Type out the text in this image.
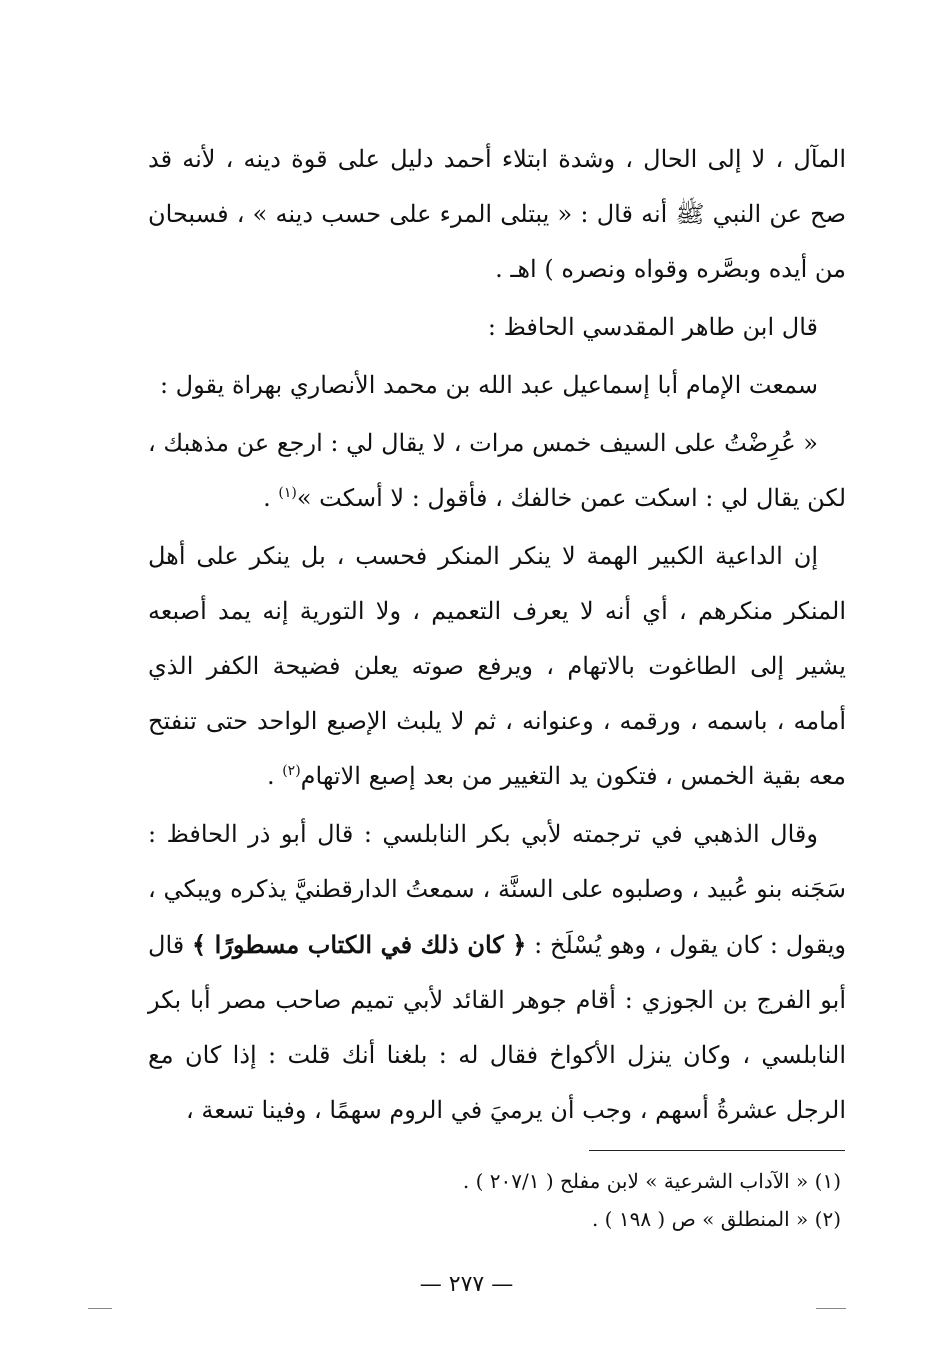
المآل ، لا إلى الحال ، وشدة ابتلاء أحمد دليل على قوة دينه ، لأنه قد صح عن النبي ﷺ أنه قال : « يبتلى المرء على حسب دينه » ، فسبحان من أيده وبصَّره وقواه ونصره ) اهـ .

قال ابن طاهر المقدسي الحافظ :

سمعت الإمام أبا إسماعيل عبد الله بن محمد الأنصاري بهراة يقول :

« عُرِضْتُ على السيف خمس مرات ، لا يقال لي : ارجع عن مذهبك ، لكن يقال لي : اسكت عمن خالفك ، فأقول : لا أسكت »$^{(١)}$ .

إن الداعية الكبير الهمة لا ينكر المنكر فحسب ، بل ينكر على أهل المنكر منكرهم ، أي أنه لا يعرف التعميم ، ولا التورية إنه يمد أصبعه يشير إلى الطاغوت بالاتهام ، ويرفع صوته يعلن فضيحة الكفر الذي أمامه ، باسمه ، ورقمه ، وعنوانه ، ثم لا يلبث الإصبع الواحد حتى تنفتح معه بقية الخمس ، فتكون يد التغيير من بعد إصبع الاتهام$^{(٢)}$ .

وقال الذهبي في ترجمته لأبي بكر النابلسي : قال أبو ذر الحافظ : سَجَنه بنو عُبيد ، وصلبوه على السنَّة ، سمعتُ الدارقطنيَّ يذكره ويبكي ، ويقول : كان يقول ، وهو يُسْلَخ : ﴿ كان ذلك في الكتاب مسطورًا ﴾ قال أبو الفرج بن الجوزي : أقام جوهر القائد لأبي تميم صاحب مصر أبا بكر النابلسي ، وكان ينزل الأكواخ فقال له : بلغنا أنك قلت : إذا كان مع الرجل عشرةُ أسهم ، وجب أن يرميَ في الروم سهمًا ، وفينا تسعة ،

(١) « الآداب الشرعية » لابن مفلح ( ٢٠٧/١ ) .

(٢) « المنطلق » ص ( ١٩٨ ) .

— ٢٧٧ —
